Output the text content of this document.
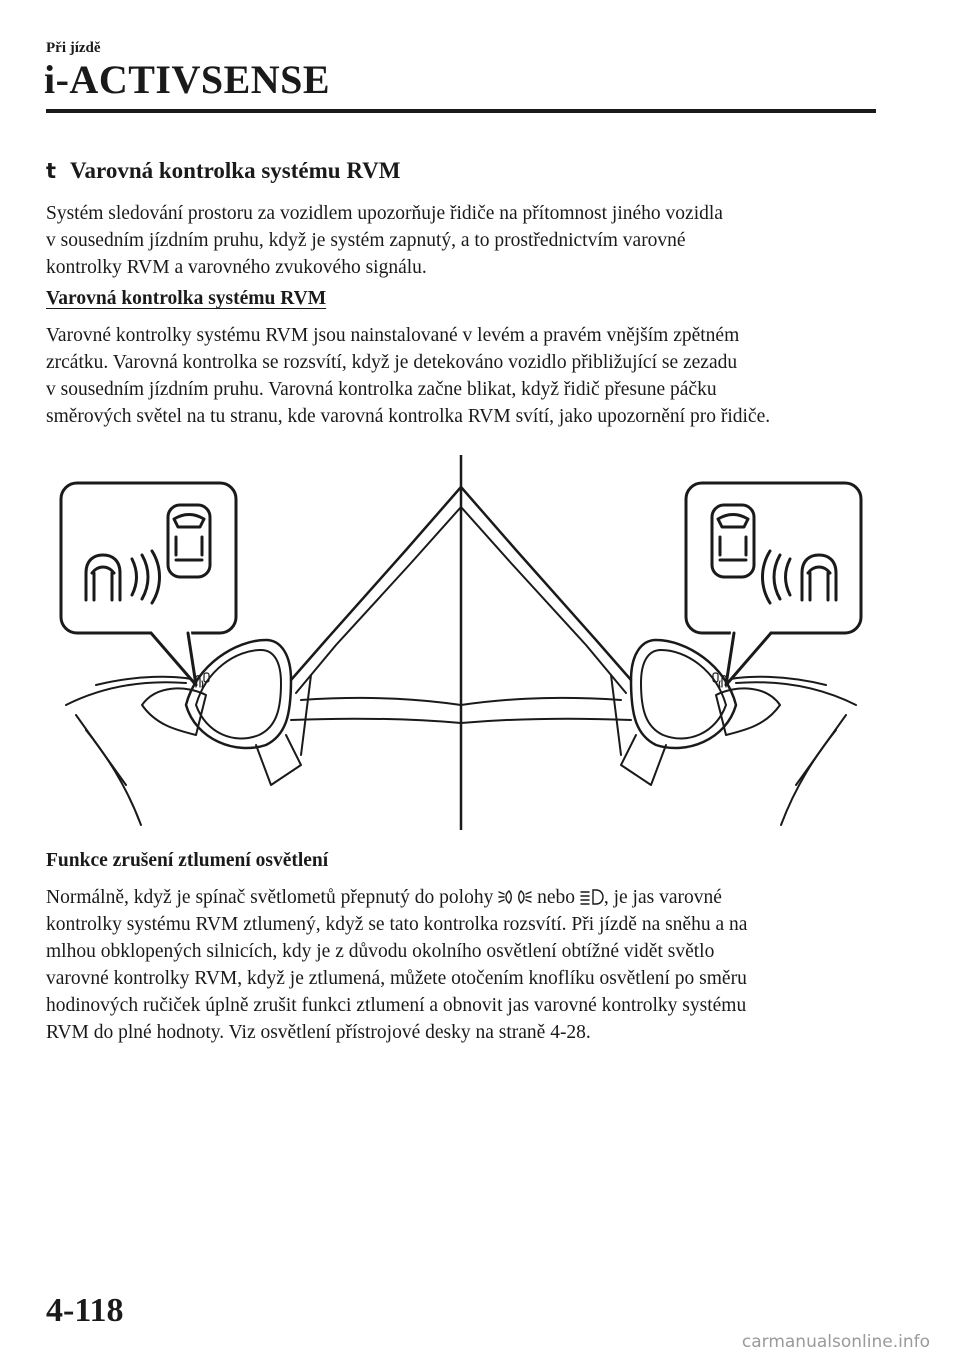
Při jízdě
i-ACTIVSENSE
t Varovná kontrolka systému RVM

Systém sledování prostoru za vozidlem upozorňuje řidiče na přítomnost jiného vozidla
v sousedním jízdním pruhu, když je systém zapnutý, a to prostřednictvím varovné
kontrolky RVM a varovného zvukového signálu.

Varovná kontrolka systému RVM

Varovné kontrolky systému RVM jsou nainstalované v levém a pravém vnějším zpětném
zrcátku. Varovná kontrolka se rozsvítí, když je detekováno vozidlo přibližující se zezadu
v sousedním jízdním pruhu. Varovná kontrolka začne blikat, když řidič přesune páčku
směrových světel na tu stranu, kde varovná kontrolka RVM svítí, jako upozornění pro řidiče.

Funkce zrušení ztlumení osvětlení

Normálně, když je spínač světlometů přepnutý do polohy  nebo , je jas varovné
kontrolky systému RVM ztlumený, když se tato kontrolka rozsvítí. Při jízdě na sněhu a na
mlhou obklopených silnicích, kdy je z důvodu okolního osvětlení obtížné vidět světlo
varovné kontrolky RVM, když je ztlumená, můžete otočením knoflíku osvětlení po směru
hodinových ručiček úplně zrušit funkci ztlumení a obnovit jas varovné kontrolky systému
RVM do plné hodnoty. Viz osvětlení přístrojové desky na straně 4-28.

4-118
carmanualsonline.info
